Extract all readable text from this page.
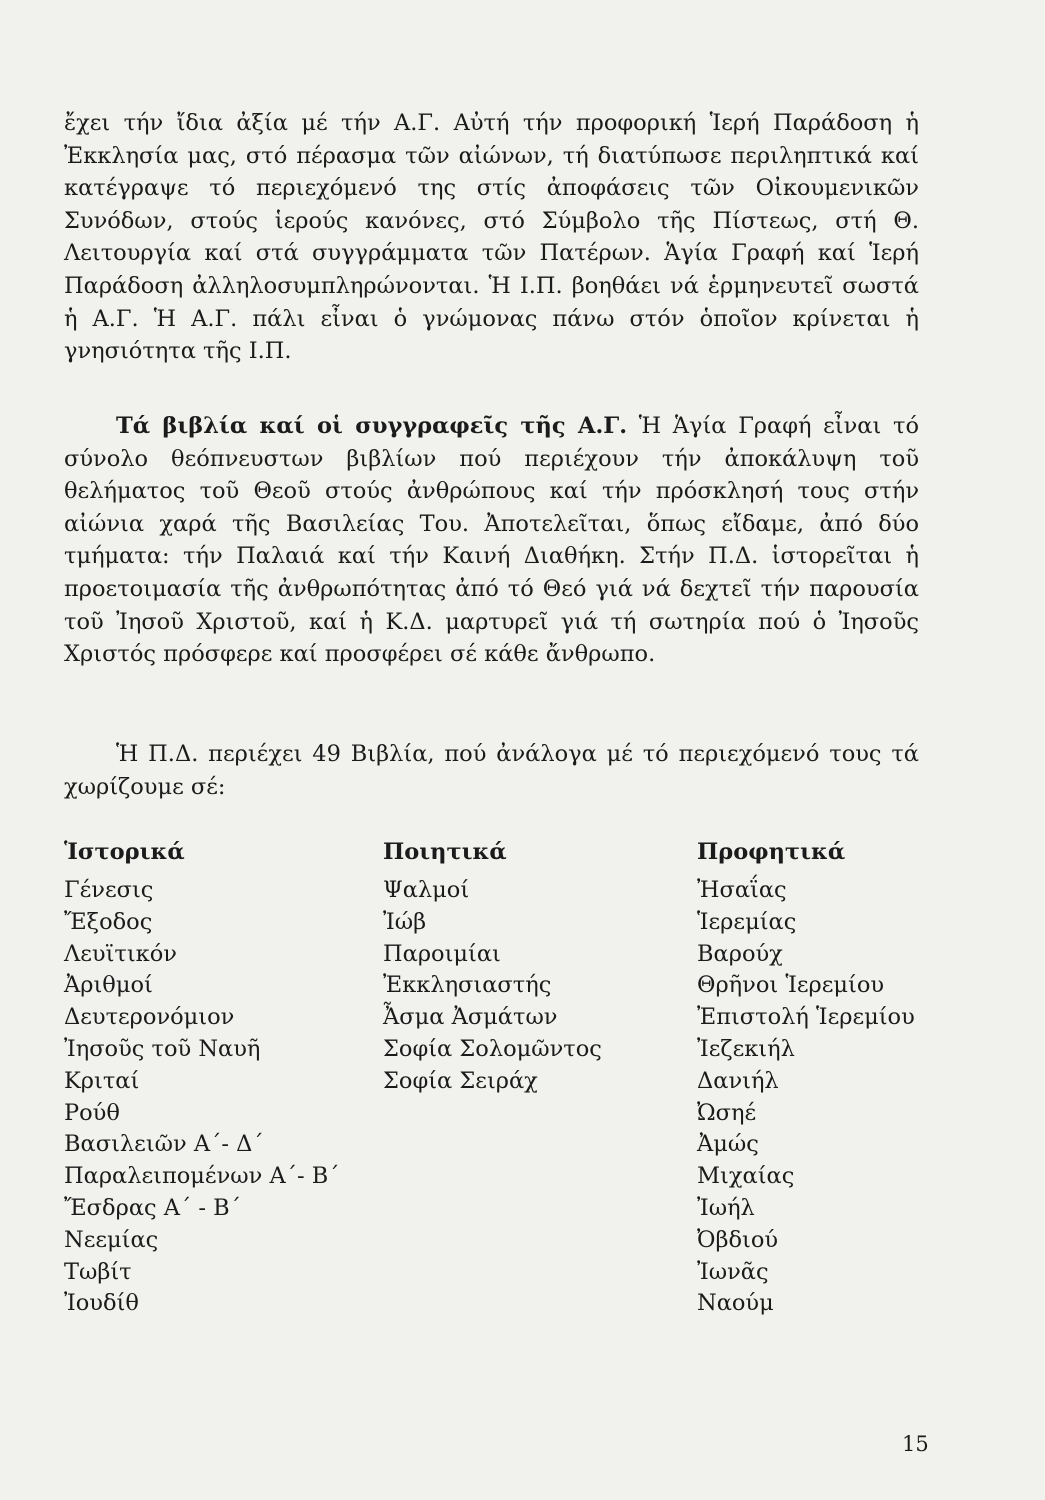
ἔχει τήν ἴδια ἀξία μέ τήν Α.Γ. Αὐτή τήν προφορική Ἱερή Παράδοση ἡ Ἐκκλησία μας, στό πέρασμα τῶν αἰώνων, τή διατύπωσε περιληπτικά καί κατέγραψε τό περιεχόμενό της στίς ἀποφάσεις τῶν Οἰκουμενικῶν Συνόδων, στούς ἱερούς κανόνες, στό Σύμβολο τῆς Πίστεως, στή Θ. Λειτουργία καί στά συγγράμματα τῶν Πατέρων. Ἁγία Γραφή καί Ἱερή Παράδοση ἀλληλοσυμπληρώνονται. Ἡ Ι.Π. βοηθάει νά ἑρμηνευτεῖ σωστά ἡ Α.Γ. Ἡ Α.Γ. πάλι εἶναι ὁ γνώμονας πάνω στόν ὁποῖον κρίνεται ἡ γνησιότητα τῆς Ι.Π.

Τά βιβλία καί οἱ συγγραφεῖς τῆς Α.Γ. Ἡ Ἁγία Γραφή εἶναι τό σύνολο θεόπνευστων βιβλίων πού περιέχουν τήν ἀποκάλυψη τοῦ θελήματος τοῦ Θεοῦ στούς ἀνθρώπους καί τήν πρόσκλησή τους στήν αἰώνια χαρά τῆς Βασιλείας Του. Ἀποτελεῖται, ὅπως εἴδαμε, ἀπό δύο τμήματα: τήν Παλαιά καί τήν Καινή Διαθήκη. Στήν Π.Δ. ἱστορεῖται ἡ προετοιμασία τῆς ἀνθρωπότητας ἀπό τό Θεό γιά νά δεχτεῖ τήν παρουσία τοῦ Ἰησοῦ Χριστοῦ, καί ἡ Κ.Δ. μαρτυρεῖ γιά τή σωτηρία πού ὁ Ἰησοῦς Χριστός πρόσφερε καί προσφέρει σέ κάθε ἄνθρωπο.

Ἡ Π.Δ. περιέχει 49 Βιβλία, πού ἀνάλογα μέ τό περιεχόμενό τους τά χωρίζουμε σέ:

Ἱστορικά
Γένεσις
Ἔξοδος
Λευϊτικόν
Ἀριθμοί
Δευτερονόμιον
Ἰησοῦς τοῦ Ναυῆ
Κριταί
Ρούθ
Βασιλειῶν Α΄- Δ΄
Παραλειπομένων Α΄- Β΄
Ἔσδρας Α΄ - Β΄
Νεεμίας
Τωβίτ
Ἰουδίθ
Ποιητικά
Ψαλμοί
Ἰώβ
Παροιμίαι
Ἐκκλησιαστής
Ἆσμα Ἀσμάτων
Σοφία Σολομῶντος
Σοφία Σειράχ
Προφητικά
Ἠσαΐας
Ἱερεμίας
Βαρούχ
Θρῆνοι Ἱερεμίου
Ἐπιστολή Ἱερεμίου
Ἰεζεκιήλ
Δανιήλ
Ὠσηέ
Ἀμώς
Μιχαίας
Ἰωήλ
Ὀβδιού
Ἰωνᾶς
Ναούμ
15
